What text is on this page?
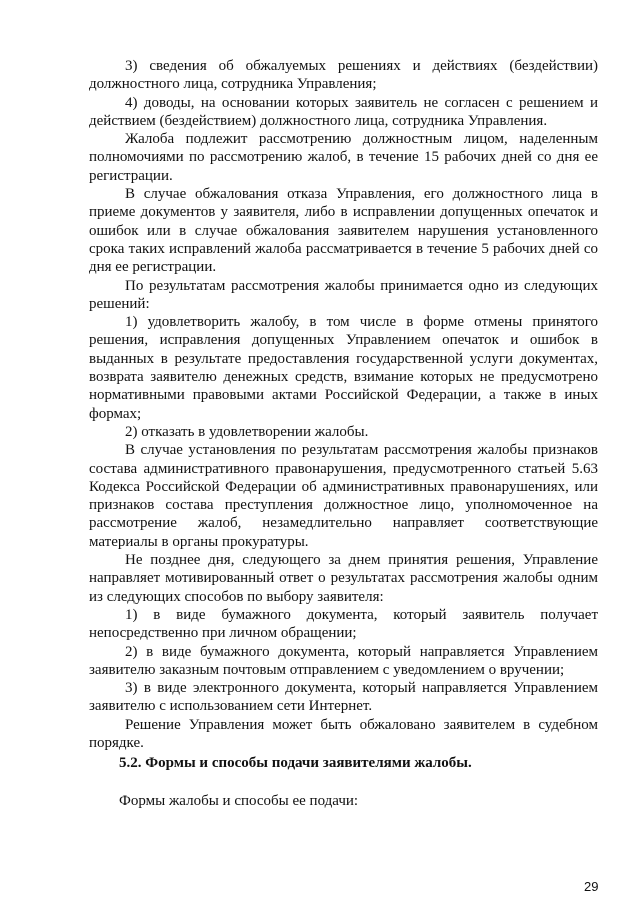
3) сведения об обжалуемых решениях и действиях (бездействии) должностного лица, сотрудника Управления;

4) доводы, на основании которых заявитель не согласен с решением и действием (бездействием) должностного лица, сотрудника Управления.

Жалоба подлежит рассмотрению должностным лицом, наделенным полномочиями по рассмотрению жалоб, в течение 15 рабочих дней со дня ее регистрации.

В случае обжалования отказа Управления, его должностного лица в приеме документов у заявителя, либо в исправлении допущенных опечаток и ошибок или в случае обжалования заявителем нарушения установленного срока таких исправлений жалоба рассматривается в течение 5 рабочих дней со дня ее регистрации.

По результатам рассмотрения жалобы принимается одно из следующих решений:

1) удовлетворить жалобу, в том числе в форме отмены принятого решения, исправления допущенных Управлением опечаток и ошибок в выданных в результате предоставления государственной услуги документах, возврата заявителю денежных средств, взимание которых не предусмотрено нормативными правовыми актами Российской Федерации, а также в иных формах;

2) отказать в удовлетворении жалобы.

В случае установления по результатам рассмотрения жалобы признаков состава административного правонарушения, предусмотренного статьей 5.63 Кодекса Российской Федерации об административных правонарушениях, или признаков состава преступления должностное лицо, уполномоченное на рассмотрение жалоб, незамедлительно направляет соответствующие материалы в органы прокуратуры.

Не позднее дня, следующего за днем принятия решения, Управление направляет мотивированный ответ о результатах рассмотрения жалобы одним из следующих способов по выбору заявителя:

1) в виде бумажного документа, который заявитель получает непосредственно при личном обращении;

2) в виде бумажного документа, который направляется Управлением заявителю заказным почтовым отправлением с уведомлением о вручении;

3) в виде электронного документа, который направляется Управлением заявителю с использованием сети Интернет.

Решение Управления может быть обжаловано заявителем в судебном порядке.

5.2. Формы и способы подачи заявителями жалобы.

Формы жалобы и способы ее подачи:

29
